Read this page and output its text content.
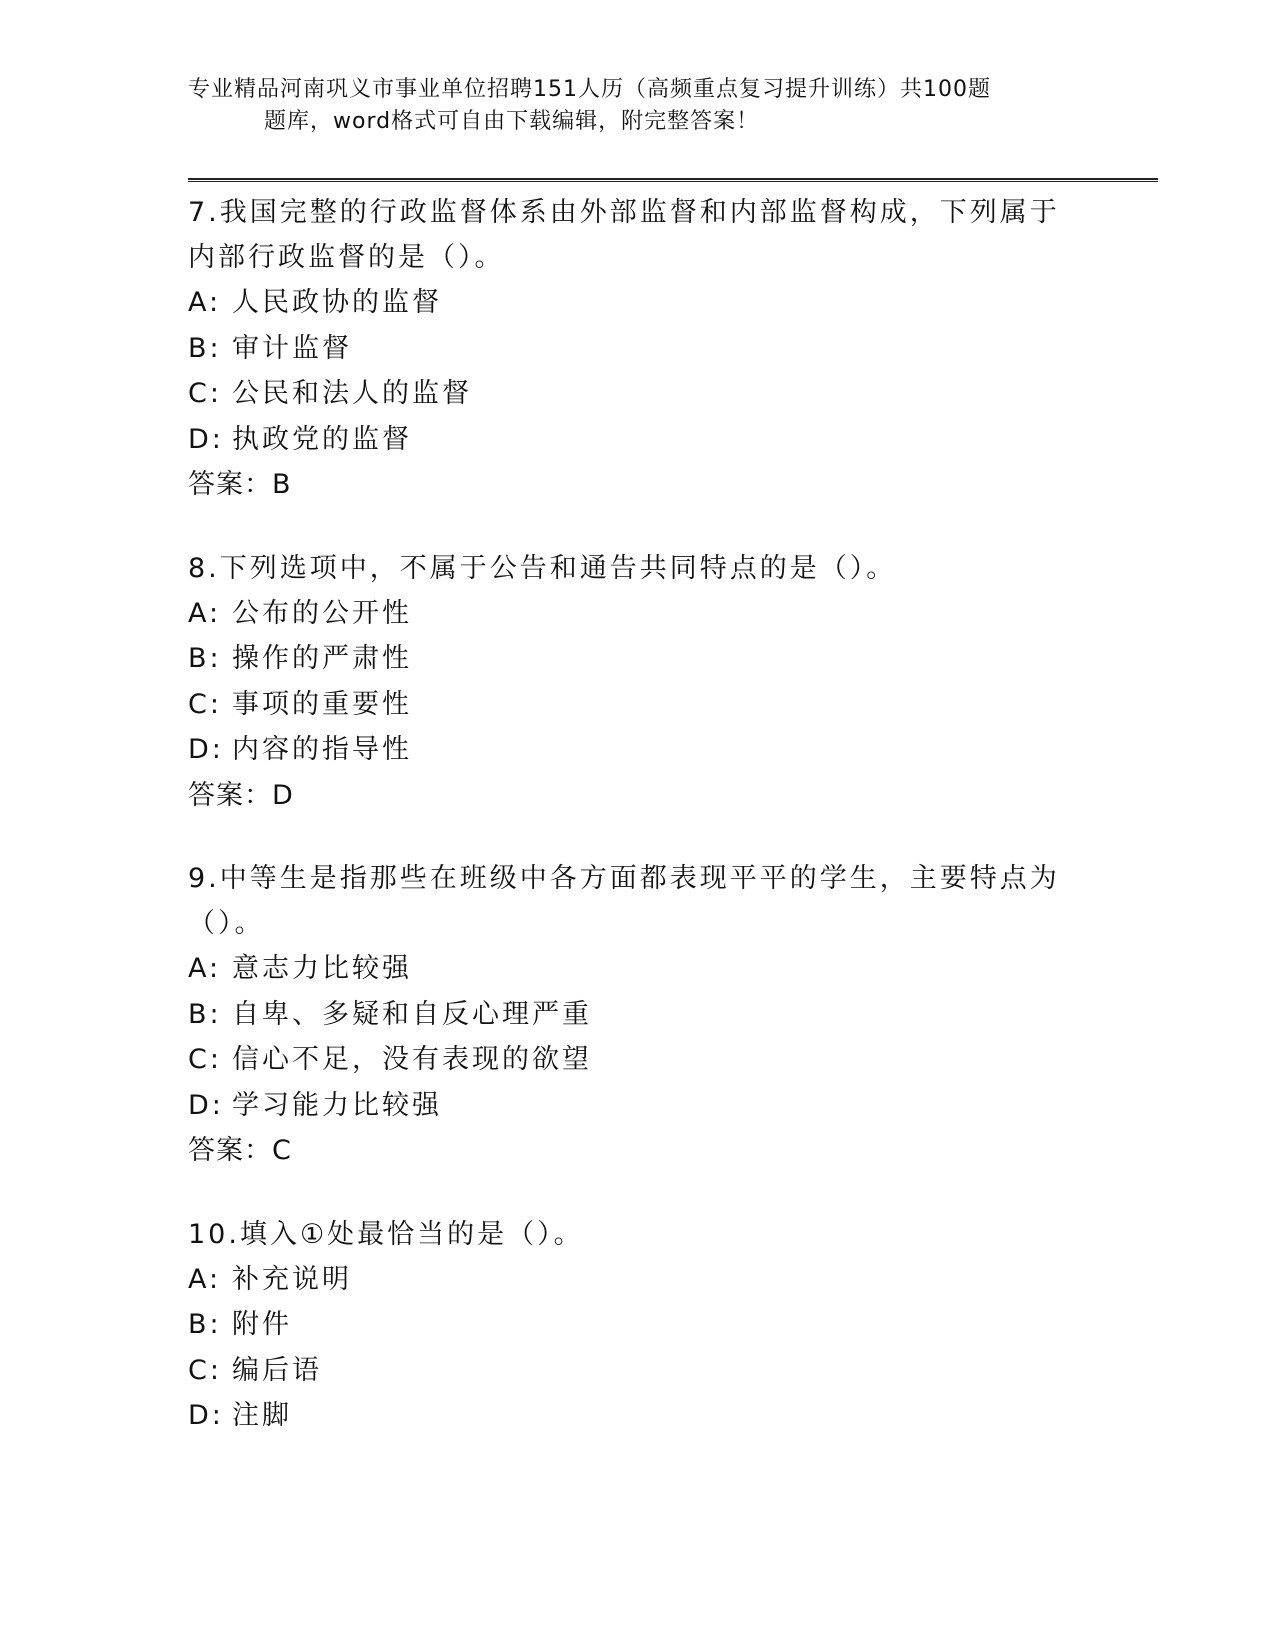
专业精品河南巩义市事业单位招聘151人历（高频重点复习提升训练）共100题
题库，word格式可自由下载编辑，附完整答案！

7.我国完整的行政监督体系由外部监督和内部监督构成，下列属于内部行政监督的是（）。

A: 人民政协的监督

B: 审计监督

C: 公民和法人的监督

D: 执政党的监督

答案：B

8.下列选项中，不属于公告和通告共同特点的是（）。

A: 公布的公开性

B: 操作的严肃性

C: 事项的重要性

D: 内容的指导性

答案：D

9.中等生是指那些在班级中各方面都表现平平的学生，主要特点为（）。

A: 意志力比较强

B: 自卑、多疑和自反心理严重

C: 信心不足，没有表现的欲望

D: 学习能力比较强

答案：C

10.填入①处最恰当的是（）。

A: 补充说明

B: 附件

C: 编后语

D: 注脚
